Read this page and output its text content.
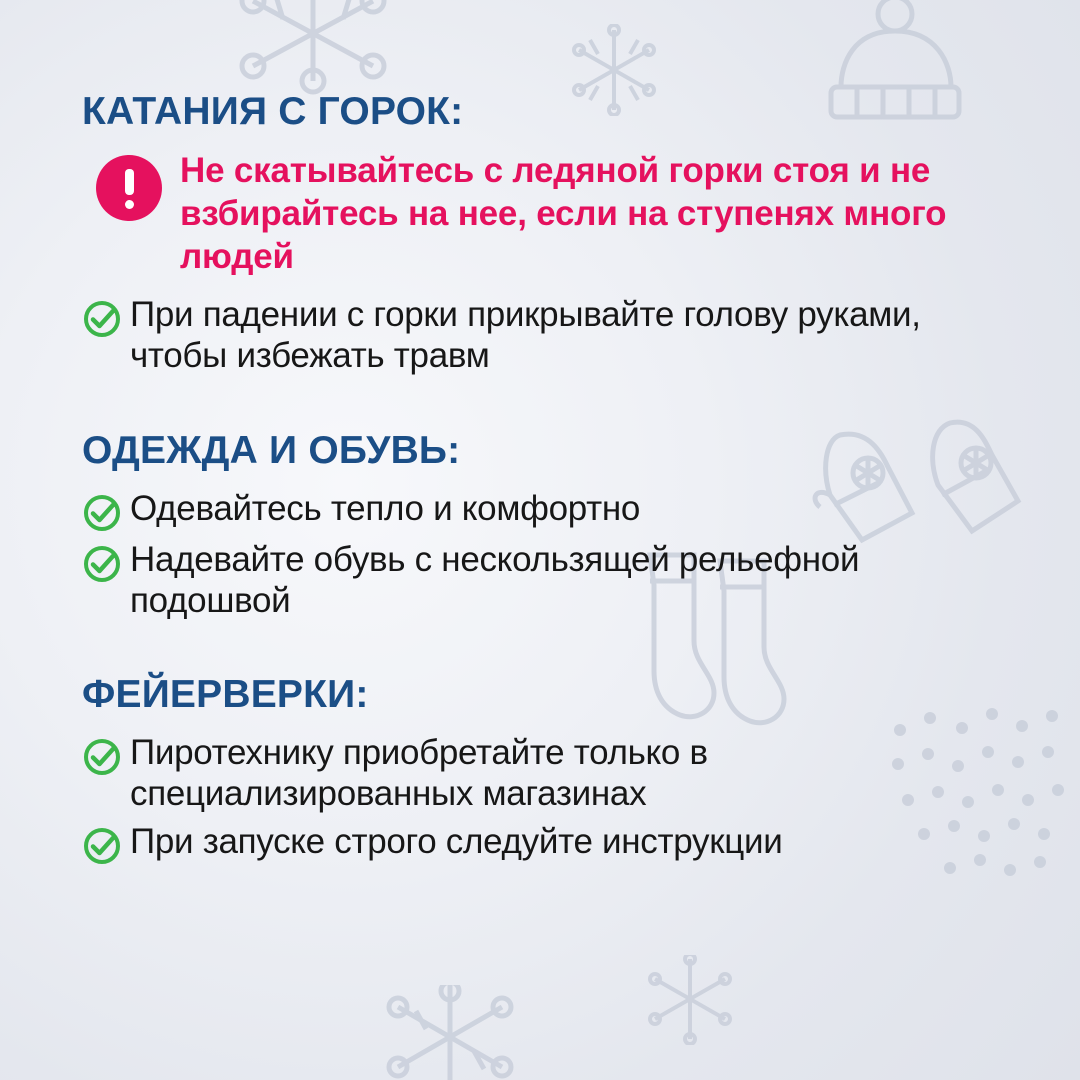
КАТАНИЯ С ГОРОК:
Не скатывайтесь с ледяной горки стоя и не взбирайтесь на нее, если на ступенях много людей
При падении с горки прикрывайте голову руками, чтобы избежать травм
ОДЕЖДА И ОБУВЬ:
Одевайтесь тепло и комфортно
Надевайте обувь с нескользящей рельефной подошвой
ФЕЙЕРВЕРКИ:
Пиротехнику приобретайте только в специализированных магазинах
При запуске строго следуйте инструкции
